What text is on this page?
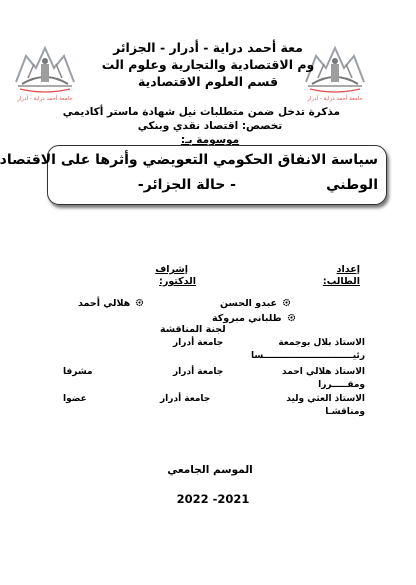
جامعة أحمد دراية - أدرار	جامعة أحمد دراية - أدرار
معة أحمد دراية - أدرار - الجزائر
وم الاقتصادية والتجارية وعلوم الت
قسم العلوم الاقتصادية
مذكرة تدخل ضمن متطلبات نيل شهادة ماستر أكاديمي
تخصص: اقتصاد نقدي وبنكي
موسومة بـ:
سياسة الانفاق الحكومي التعويضي وأثرها على الاقتصاد
الوطني
- حالة الجزائر-
إعداد
الطالب:
إشراف
الدكتور:
عبدو الحسن
هلالي أحمد
طلباني مبروكة
لجنة المناقشة
الاستاذ بلال بوجمعة
جامعة أدرار
رئيـــــــــــــــــــــــــــــسا
الاستاذ هلالي احمد
جامعة أدرار
مشرفا
ومقـــــررا
الاستاذ العثي وليد
جامعة أدرار
عضوا
ومناقشـا
الموسم الجامعي
2022 -2021
